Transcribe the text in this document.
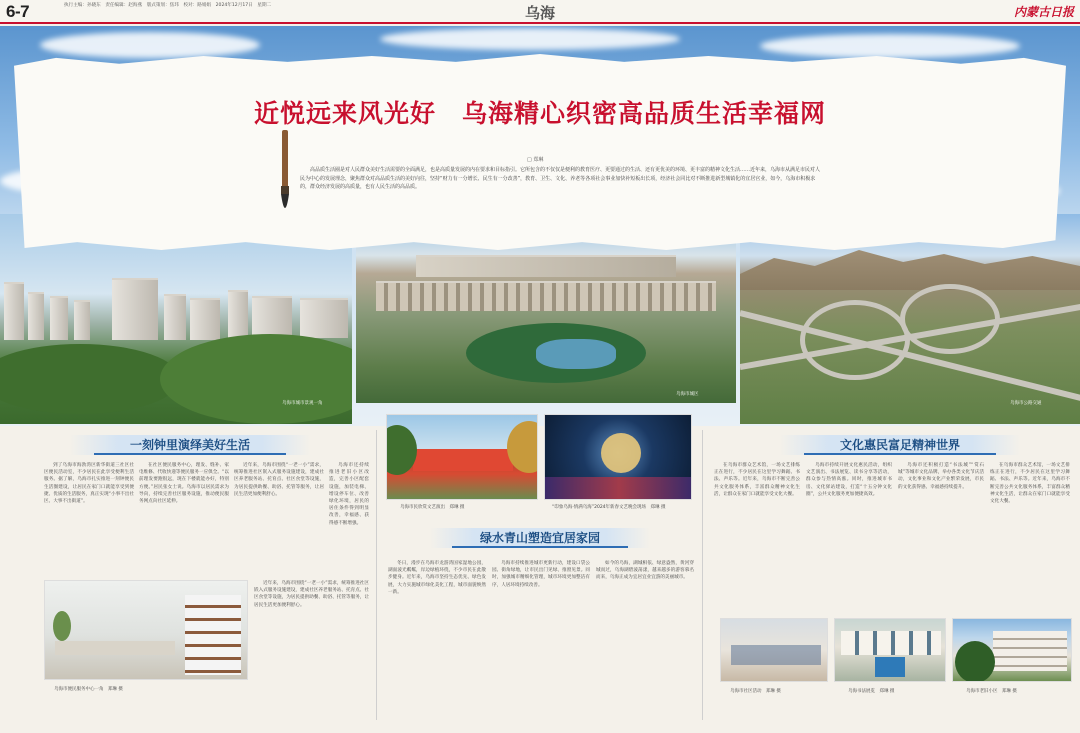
6-7	执行主编：孙晓东　责任编辑：赵海燕　版式策划：焦玮　校对：路娟娟　2024年12月17日　星期二	乌海	内蒙古日报
乌海市城市景观一角
乌海市城区
乌海市公路交通
近悦远来风光好　乌海精心织密高品质生活幸福网
□ 郑琳
高品质生活圈是对人民群众美好生活需要的全面满足，也是高质量发展的内在要求和目标指引。它所包含的不仅仅是便利的教育医疗、更要通过的生活、还有更优美的环境、更丰富的精神文化生活……近年来，乌海市从满足市民对人民为中心的发展理念，聚焦群众对高品质生活的美好向往，坚持“财力有一分增长、民生有一分改善”，教育、卫生、文化、养老等各项社会事业加快补短板出长项，经济社会同比对不断推进新型城镇化的宜居官业，如今，乌海市积极求的，群众经济发展的高质量，也有人民生活的高品质。
一刻钟里演绎美好生活
到了乌海市海勃湾区新华街道三社区社区便民活动室，不少居民在此享受便利生活服务。据了解，乌海市扎实推进一刻钟便民生活圈建设，让居民在家门口就能享受到便捷、优质的生活服务，真正实现“小事不出社区、大事不出街道”。
在社区便民服务中心，理发、缝补、家电维修、代收快递等便民服务一应俱全。“以前理发要跑很远，现在下楼就能办好，特别方便。”居民张女士说。乌海市以居民需求为导向，持续完善社区服务设施，推动便民服务网点向社区延伸。
近年来，乌海市围绕“一老一小”需求，统筹推进社区嵌入式服务设施建设，建成社区养老服务站、托育点、社区食堂等设施，为居民提供助餐、助浴、托管等服务，让居民生活更加便利舒心。
乌海市还持续推进老旧小区改造，完善小区配套设施，加装电梯、增设停车位、改善绿化环境，居民的居住条件得到明显改善，幸福感、获得感不断增强。
近年来，乌海市围绕“一老一小”需求，统筹推进社区嵌入式服务设施建设，建成社区养老服务站、托育点、社区食堂等设施，为居民提供助餐、助浴、托管等服务，让居民生活更加便利舒心。
乌海市便民服务中心一角　郑琳 摄
乌海市民欣赏文艺演出　郑琳 摄	“印象乌海·情满乌海”2024年新春文艺晚会现场　郑琳 摄
绿水青山塑造宜居家园
冬日，漫步在乌海市龙游湾国家湿地公园，湖面波光粼粼，岸边绿植环绕，不少市民在此散步健身。近年来，乌海市坚持生态优先、绿色发展，大力实施城市绿化美化工程，城市面貌焕然一新。
乌海市持续推进城市更新行动，建设口袋公园、街角绿地，让市民出门见绿、推窗见景。同时，加强城市精细化管理，城市环境更加整洁有序，人居环境持续改善。
如今的乌海，湖城相依、绿意盎然，黄河穿城而过，乌海湖碧波荡漾，越来越多的游客慕名而来，乌海正成为宜居宜业宜游的美丽城市。
文化惠民富足精神世界
在乌海市群众艺术馆，一场文艺排练正在进行，不少居民在这里学习舞蹈、书法、声乐等。近年来，乌海市不断完善公共文化服务体系，丰富群众精神文化生活，让群众在家门口就能享受文化大餐。
乌海市持续开展文化惠民活动，组织文艺演出、书法展览、读书分享等活动，群众参与热情高涨。同时，推进城市书房、文化驿站建设，打造“十五分钟文化圈”，公共文化服务更加便捷高效。
乌海市还积极打造“书法城”“赏石城”等城市文化品牌，举办各类文化节庆活动，文化事业和文化产业繁荣发展，市民的文化获得感、幸福感持续提升。
在乌海市群众艺术馆，一场文艺排练正在进行，不少居民在这里学习舞蹈、书法、声乐等。近年来，乌海市不断完善公共文化服务体系，丰富群众精神文化生活，让群众在家门口就能享受文化大餐。
乌海市社区活动　郑琳 摄	乌海书法展览　郑琳 摄	乌海市老旧小区　郑琳 摄
